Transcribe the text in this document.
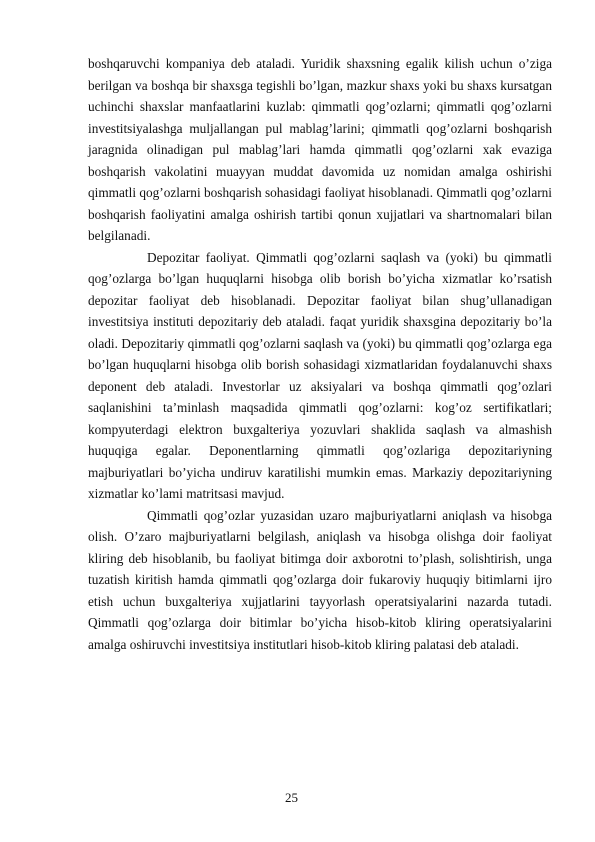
boshqaruvchi kompaniya deb ataladi. Yuridik shaxsning egalik kilish uchun o’ziga berilgan va boshqa bir shaxsga tegishli bo’lgan, mazkur shaxs yoki bu shaxs kursatgan uchinchi shaxslar manfaatlarini kuzlab: qimmatli qog’ozlarni; qimmatli qog’ozlarni investitsiyalashga muljallangan pul mablag’larini; qimmatli qog’ozlarni boshqarish jaragnida olinadigan pul mablag’lari hamda qimmatli qog’ozlarni xak evaziga boshqarish vakolatini muayyan muddat davomida uz nomidan amalga oshirishi qimmatli qog’ozlarni boshqarish sohasidagi faoliyat hisoblanadi. Qimmatli qog’ozlarni boshqarish faoliyatini amalga oshirish tartibi qonun xujjatlari va shartnomalari bilan belgilanadi.

Depozitar faoliyat. Qimmatli qog’ozlarni saqlash va (yoki) bu qimmatli qog’ozlarga bo’lgan huquqlarni hisobga olib borish bo’yicha xizmatlar ko’rsatish depozitar faoliyat deb hisoblanadi. Depozitar faoliyat bilan shug’ullanadigan investitsiya instituti depozitariy deb ataladi. faqat yuridik shaxsgina depozitariy bo’la oladi. Depozitariy qimmatli qog’ozlarni saqlash va (yoki) bu qimmatli qog’ozlarga ega bo’lgan huquqlarni hisobga olib borish sohasidagi xizmatlaridan foydalanuvchi shaxs deponent deb ataladi. Investorlar uz aksiyalari va boshqa qimmatli qog’ozlari saqlanishini ta’minlash maqsadida qimmatli qog’ozlarni: kog’oz sertifikatlari; kompyuterdagi elektron buxgalteriya yozuvlari shaklida saqlash va almashish huquqiga egalar. Deponentlarning qimmatli qog’ozlariga depozitariyning majburiyatlari bo’yicha undiruv karatilishi mumkin emas. Markaziy depozitariyning xizmatlar ko’lami matritsasi mavjud.

Qimmatli qog’ozlar yuzasidan uzaro majburiyatlarni aniqlash va hisobga olish. O’zaro majburiyatlarni belgilash, aniqlash va hisobga olishga doir faoliyat kliring deb hisoblanib, bu faoliyat bitimga doir axborotni to’plash, solishtirish, unga tuzatish kiritish hamda qimmatli qog’ozlarga doir fukaroviy huquqiy bitimlarni ijro etish uchun buxgalteriya xujjatlarini tayyorlash operatsiyalarini nazarda tutadi. Qimmatli qog’ozlarga doir bitimlar bo’yicha hisob-kitob kliring operatsiyalarini amalga oshiruvchi investitsiya institutlari hisob-kitob kliring palatasi deb ataladi.

25
